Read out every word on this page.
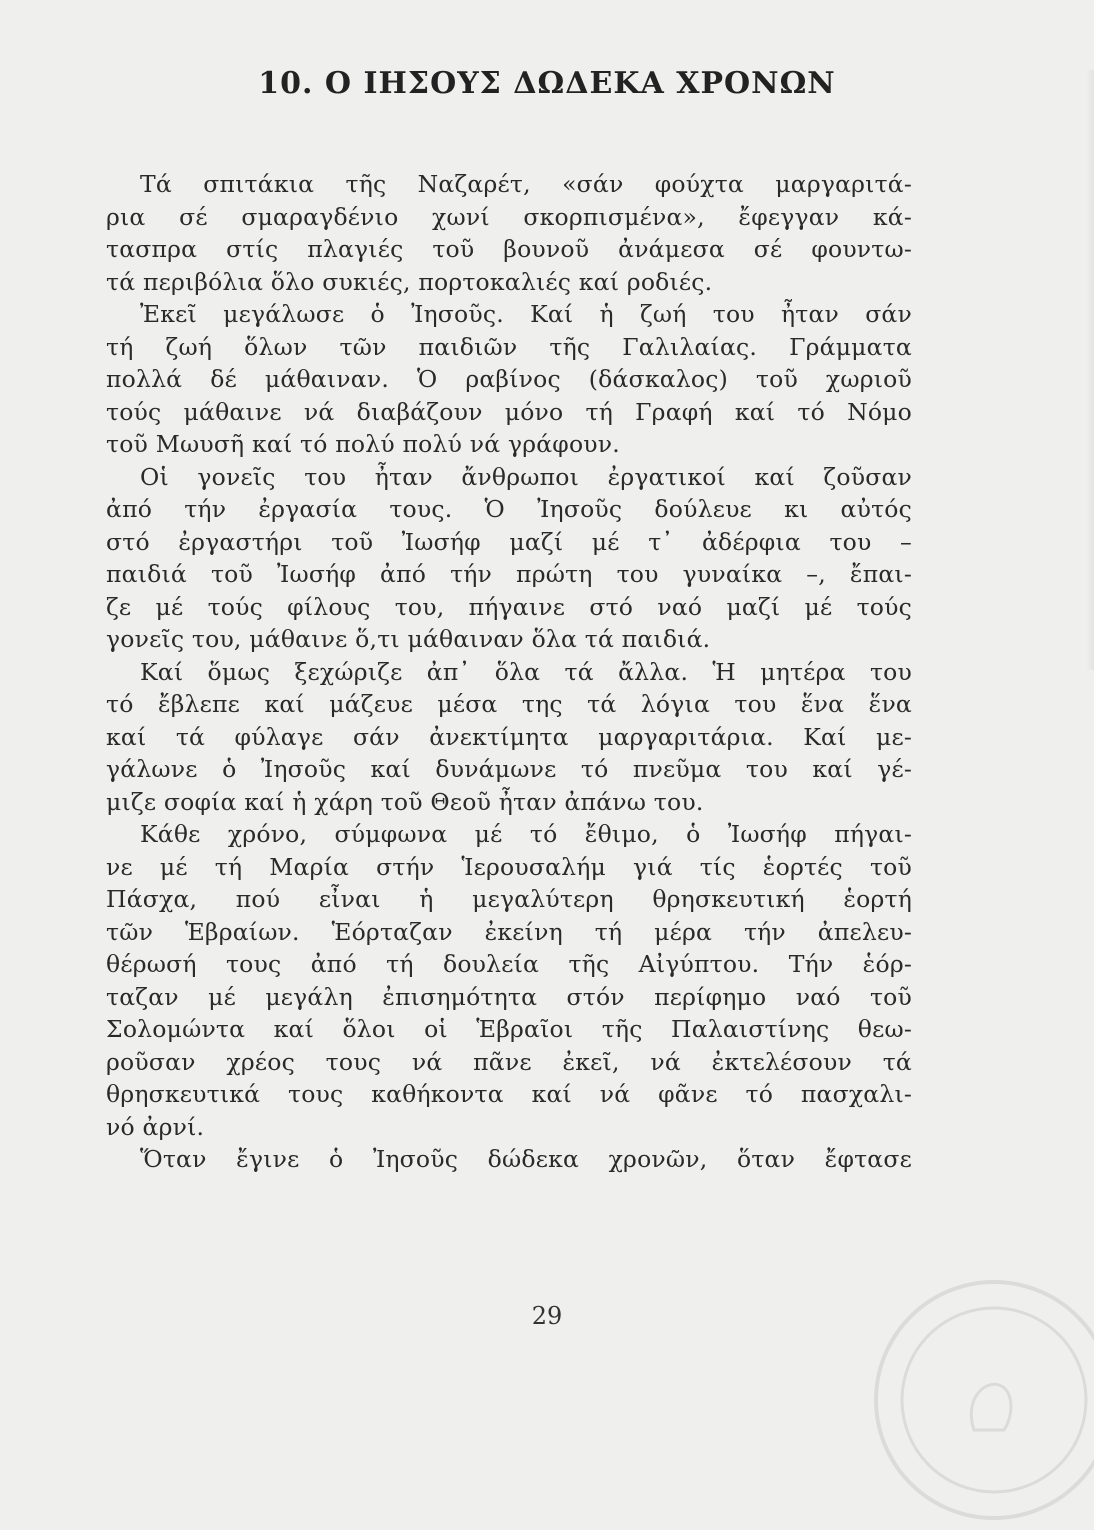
10. Ο ΙΗΣΟΥΣ ΔΩΔΕΚΑ ΧΡΟΝΩΝ
Τά σπιτάκια τῆς Ναζαρέτ, «σάν φούχτα μαργαριτά-
ρια σέ σμαραγδένιο χωνί σκορπισμένα», ἔφεγγαν κά-
τασπρα στίς πλαγιές τοῦ βουνοῦ ἀνάμεσα σέ φουντω-
τά περιβόλια ὅλο συκιές, πορτοκαλιές καί ροδιές.
Ἐκεῖ μεγάλωσε ὁ Ἰησοῦς. Καί ἡ ζωή του ἦταν σάν
τή ζωή ὅλων τῶν παιδιῶν τῆς Γαλιλαίας. Γράμματα
πολλά δέ μάθαιναν. Ὁ ραβίνος (δάσκαλος) τοῦ χωριοῦ
τούς μάθαινε νά διαβάζουν μόνο τή Γραφή καί τό Νόμο
τοῦ Μωυσῆ καί τό πολύ πολύ νά γράφουν.
Οἱ γονεῖς του ἦταν ἄνθρωποι ἐργατικοί καί ζοῦσαν
ἀπό τήν ἐργασία τους. Ὁ Ἰησοῦς δούλευε κι αὐτός
στό ἐργαστήρι τοῦ Ἰωσήφ μαζί μέ τ᾽ ἀδέρφια του –
παιδιά τοῦ Ἰωσήφ ἀπό τήν πρώτη του γυναίκα –, ἔπαι-
ζε μέ τούς φίλους του, πήγαινε στό ναό μαζί μέ τούς
γονεῖς του, μάθαινε ὅ,τι μάθαιναν ὅλα τά παιδιά.
Καί ὅμως ξεχώριζε ἀπ᾽ ὅλα τά ἄλλα. Ἡ μητέρα του
τό ἔβλεπε καί μάζευε μέσα της τά λόγια του ἕνα ἕνα
καί τά φύλαγε σάν ἀνεκτίμητα μαργαριτάρια. Καί με-
γάλωνε ὁ Ἰησοῦς καί δυνάμωνε τό πνεῦμα του καί γέ-
μιζε σοφία καί ἡ χάρη τοῦ Θεοῦ ἦταν ἀπάνω του.
Κάθε χρόνο, σύμφωνα μέ τό ἔθιμο, ὁ Ἰωσήφ πήγαι-
νε μέ τή Μαρία στήν Ἱερουσαλήμ γιά τίς ἑορτές τοῦ
Πάσχα, πού εἶναι ἡ μεγαλύτερη θρησκευτική ἑορτή
τῶν Ἑβραίων. Ἑόρταζαν ἐκείνη τή μέρα τήν ἀπελευ-
θέρωσή τους ἀπό τή δουλεία τῆς Αἰγύπτου. Τήν ἑόρ-
ταζαν μέ μεγάλη ἐπισημότητα στόν περίφημο ναό τοῦ
Σολομώντα καί ὅλοι οἱ Ἑβραῖοι τῆς Παλαιστίνης θεω-
ροῦσαν χρέος τους νά πᾶνε ἐκεῖ, νά ἐκτελέσουν τά
θρησκευτικά τους καθήκοντα καί νά φᾶνε τό πασχαλι-
νό ἀρνί.
Ὅταν ἔγινε ὁ Ἰησοῦς δώδεκα χρονῶν, ὅταν ἔφτασε
29
